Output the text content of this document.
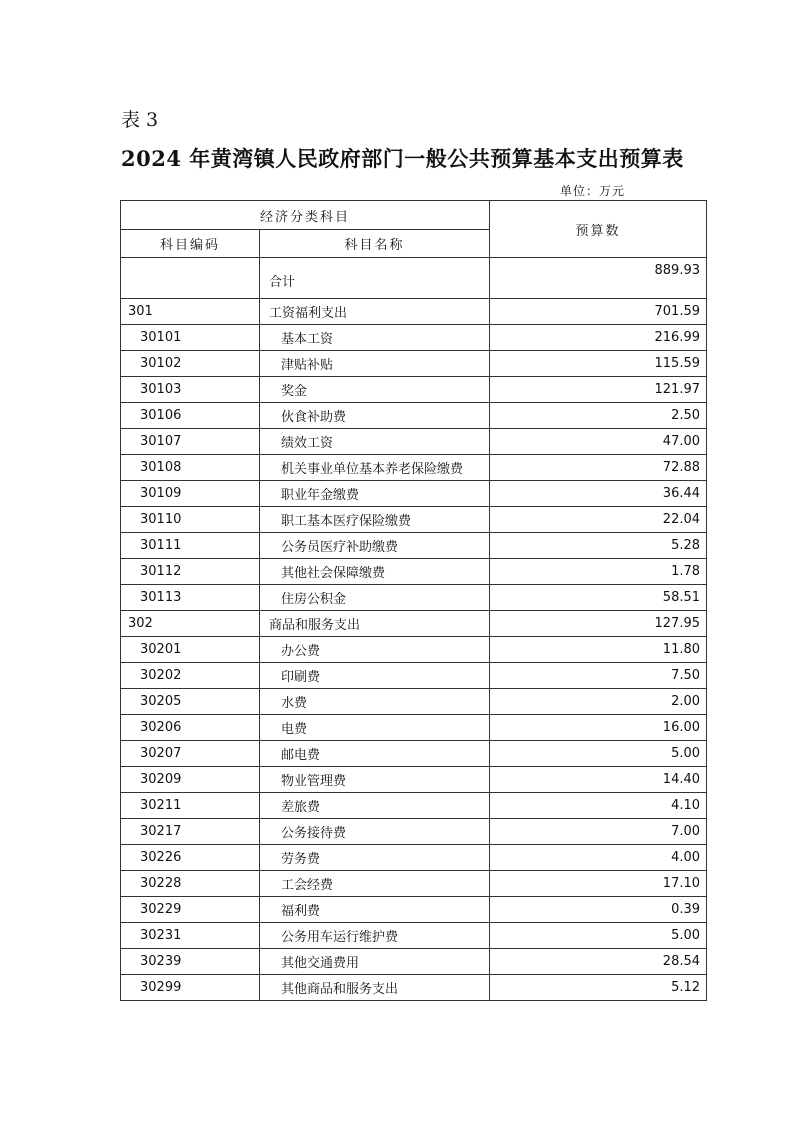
表 3
2024 年黄湾镇人民政府部门一般公共预算基本支出预算表
单位：万元
经济分类科目		预算数
科目编码	科目名称	
	合计	889.93
301	工资福利支出	701.59
30101	基本工资	216.99
30102	津贴补贴	115.59
30103	奖金	121.97
30106	伙食补助费	2.50
30107	绩效工资	47.00
30108	机关事业单位基本养老保险缴费	72.88
30109	职业年金缴费	36.44
30110	职工基本医疗保险缴费	22.04
30111	公务员医疗补助缴费	5.28
30112	其他社会保障缴费	1.78
30113	住房公积金	58.51
302	商品和服务支出	127.95
30201	办公费	11.80
30202	印刷费	7.50
30205	水费	2.00
30206	电费	16.00
30207	邮电费	5.00
30209	物业管理费	14.40
30211	差旅费	4.10
30217	公务接待费	7.00
30226	劳务费	4.00
30228	工会经费	17.10
30229	福利费	0.39
30231	公务用车运行维护费	5.00
30239	其他交通费用	28.54
30299	其他商品和服务支出	5.12
